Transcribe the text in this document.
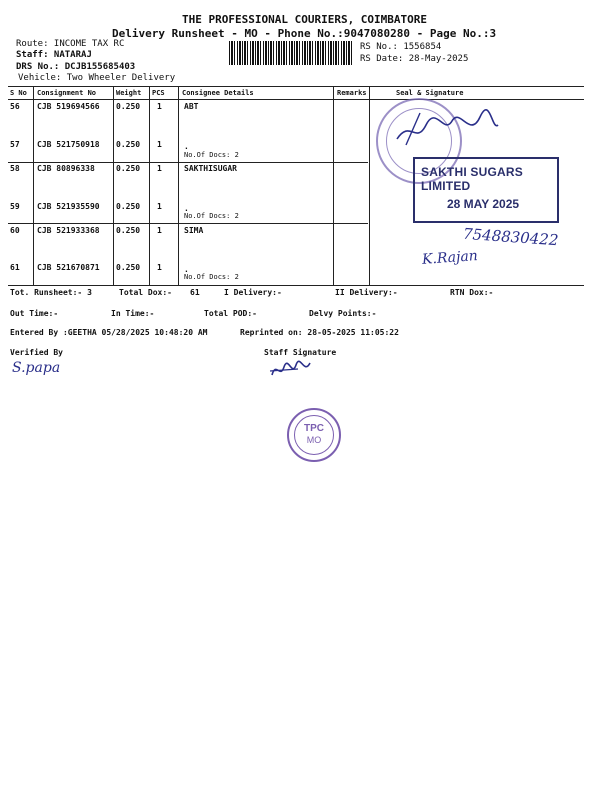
THE PROFESSIONAL COURIERS, COIMBATORE
Delivery Runsheet - MO - Phone No.:9047080280 - Page No.:3
Route: INCOME TAX RC
Staff: NATARAJ
DRS No.: DCJB155685403
Vehicle: Two Wheeler Delivery
RS No.: 1556854
RS Date: 28-May-2025
S No Consignment No	Weight PCS Consignee Details	Remarks	Seal & Signature
56 CJB 519694566 0.250 1	ABT
57 CJB 521750918 0.250 1	.
No.Of Docs: 2
58 CJB 80896338	0.250 1	SAKTHISUGAR
59 CJB 521935590 0.250 1	.
No.Of Docs: 2
60 CJB 521933368 0.250 1	SIMA
61 CJB 521670871 0.250 1	.
No.Of Docs: 2
SAKTHI SUGARS LIMITED
28 MAY 2025
7548830422
K.Rajan
Tot. Runsheet:- 3	Total Dox:- 61	I Delivery:-	II Delivery:-	RTN Dox:-
Out Time:-	In Time:-	Total POD:-	Delvy Points:-
Entered By :GEETHA 05/28/2025 10:48:20 AM	Reprinted on: 28-05-2025 11:05:22
Verified By	Staff Signature
S.papa
TPC
MO
